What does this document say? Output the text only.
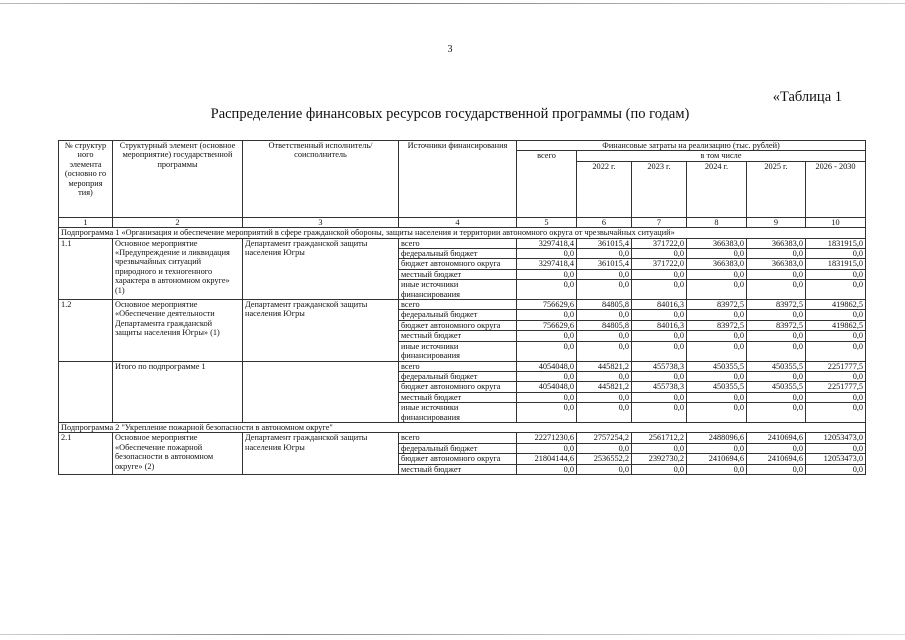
3
«Таблица 1
Распределение финансовых ресурсов государственной программы (по годам)
№ структур ного элемента (основно го мероприя тия)	Структурный элемент (основное мероприятие) государственной программы	Ответственный исполнитель/соисполнитель	Источники финансирования	Финансовые затраты на реализацию (тыс. рублей)					
				всего	в том числе				
					2022 г.	2023 г.	2024 г.	2025 г.	2026 - 2030
1	2	3	4	5	6	7	8	9	10
Подпрограмма 1 «Организация и обеспечение мероприятий в сфере гражданской обороны, защиты населения и территории автономного округа от чрезвычайных ситуаций»									
1.1	Основное мероприятие «Предупреждение и ликвидация чрезвычайных ситуаций природного и техногенного характера в автономном округе» (1)	Департамент гражданской защиты населения Югры	всего	3297418,4	361015,4	371722,0	366383,0	366383,0	1831915,0
			федеральный бюджет	0,0	0,0	0,0	0,0	0,0	0,0
			бюджет автономного округа	3297418,4	361015,4	371722,0	366383,0	366383,0	1831915,0
			местный бюджет	0,0	0,0	0,0	0,0	0,0	0,0
			иные источники финансирования	0,0	0,0	0,0	0,0	0,0	0,0
1.2	Основное мероприятие «Обеспечение деятельности Департамента гражданской защиты населения Югры» (1)	Департамент гражданской защиты населения Югры	всего	756629,6	84805,8	84016,3	83972,5	83972,5	419862,5
			федеральный бюджет	0,0	0,0	0,0	0,0	0,0	0,0
			бюджет автономного округа	756629,6	84805,8	84016,3	83972,5	83972,5	419862,5
			местный бюджет	0,0	0,0	0,0	0,0	0,0	0,0
			иные источники финансирования	0,0	0,0	0,0	0,0	0,0	0,0
	Итого по подпрограмме 1		всего	4054048,0	445821,2	455738,3	450355,5	450355,5	2251777,5
			федеральный бюджет	0,0	0,0	0,0	0,0	0,0	0,0
			бюджет автономного округа	4054048,0	445821,2	455738,3	450355,5	450355,5	2251777,5
			местный бюджет	0,0	0,0	0,0	0,0	0,0	0,0
			иные источники финансирования	0,0	0,0	0,0	0,0	0,0	0,0
Подпрограмма 2 "Укрепление пожарной безопасности в автономном округе"									
2.1	Основное мероприятие «Обеспечение пожарной безопасности в автономном округе» (2)	Департамент гражданской защиты населения Югры	всего	22271230,6	2757254,2	2561712,2	2488096,6	2410694,6	12053473,0
			федеральный бюджет	0,0	0,0	0,0	0,0	0,0	0,0
			бюджет автономного округа	21804144,6	2536552,2	2392730,2	2410694,6	2410694,6	12053473,0
			местный бюджет	0,0	0,0	0,0	0,0	0,0	0,0
